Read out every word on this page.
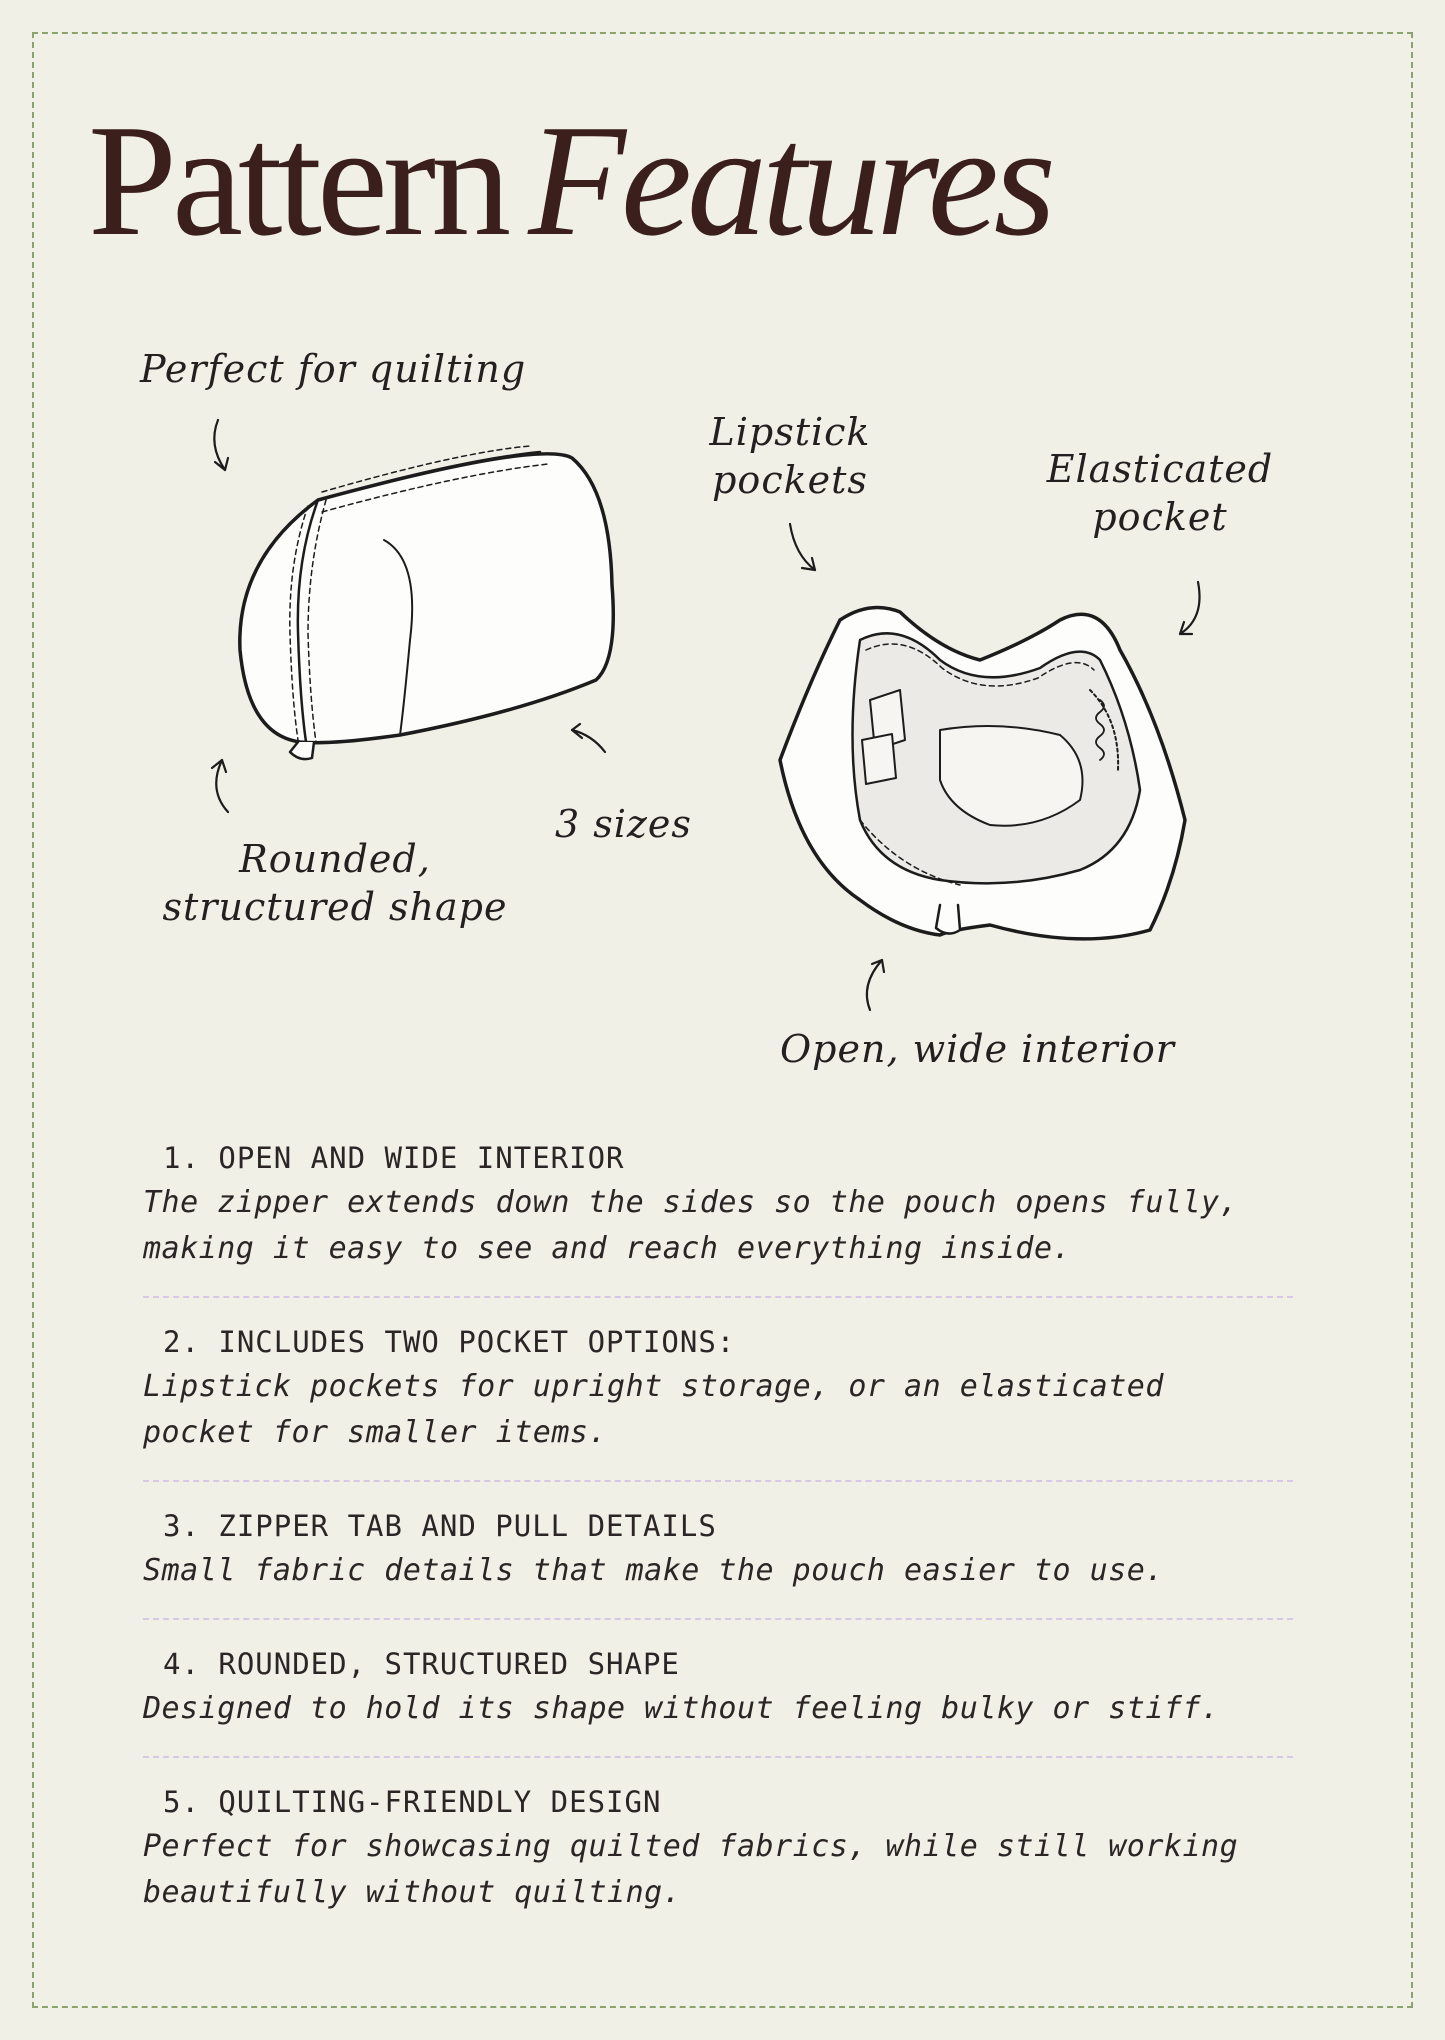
Pattern Features
Perfect for quilting
Lipstick
pockets	Elasticated
pocket
3 sizes
Rounded,
structured shape
Open, wide interior

1. OPEN AND WIDE INTERIOR

The zipper extends down the sides so the pouch opens fully,
making it easy to see and reach everything inside.

2. INCLUDES TWO POCKET OPTIONS:

Lipstick pockets for upright storage, or an elasticated
pocket for smaller items.

3. ZIPPER TAB AND PULL DETAILS

Small fabric details that make the pouch easier to use.

4. ROUNDED, STRUCTURED SHAPE

Designed to hold its shape without feeling bulky or stiff.

5. QUILTING-FRIENDLY DESIGN

Perfect for showcasing quilted fabrics, while still working
beautifully without quilting.
